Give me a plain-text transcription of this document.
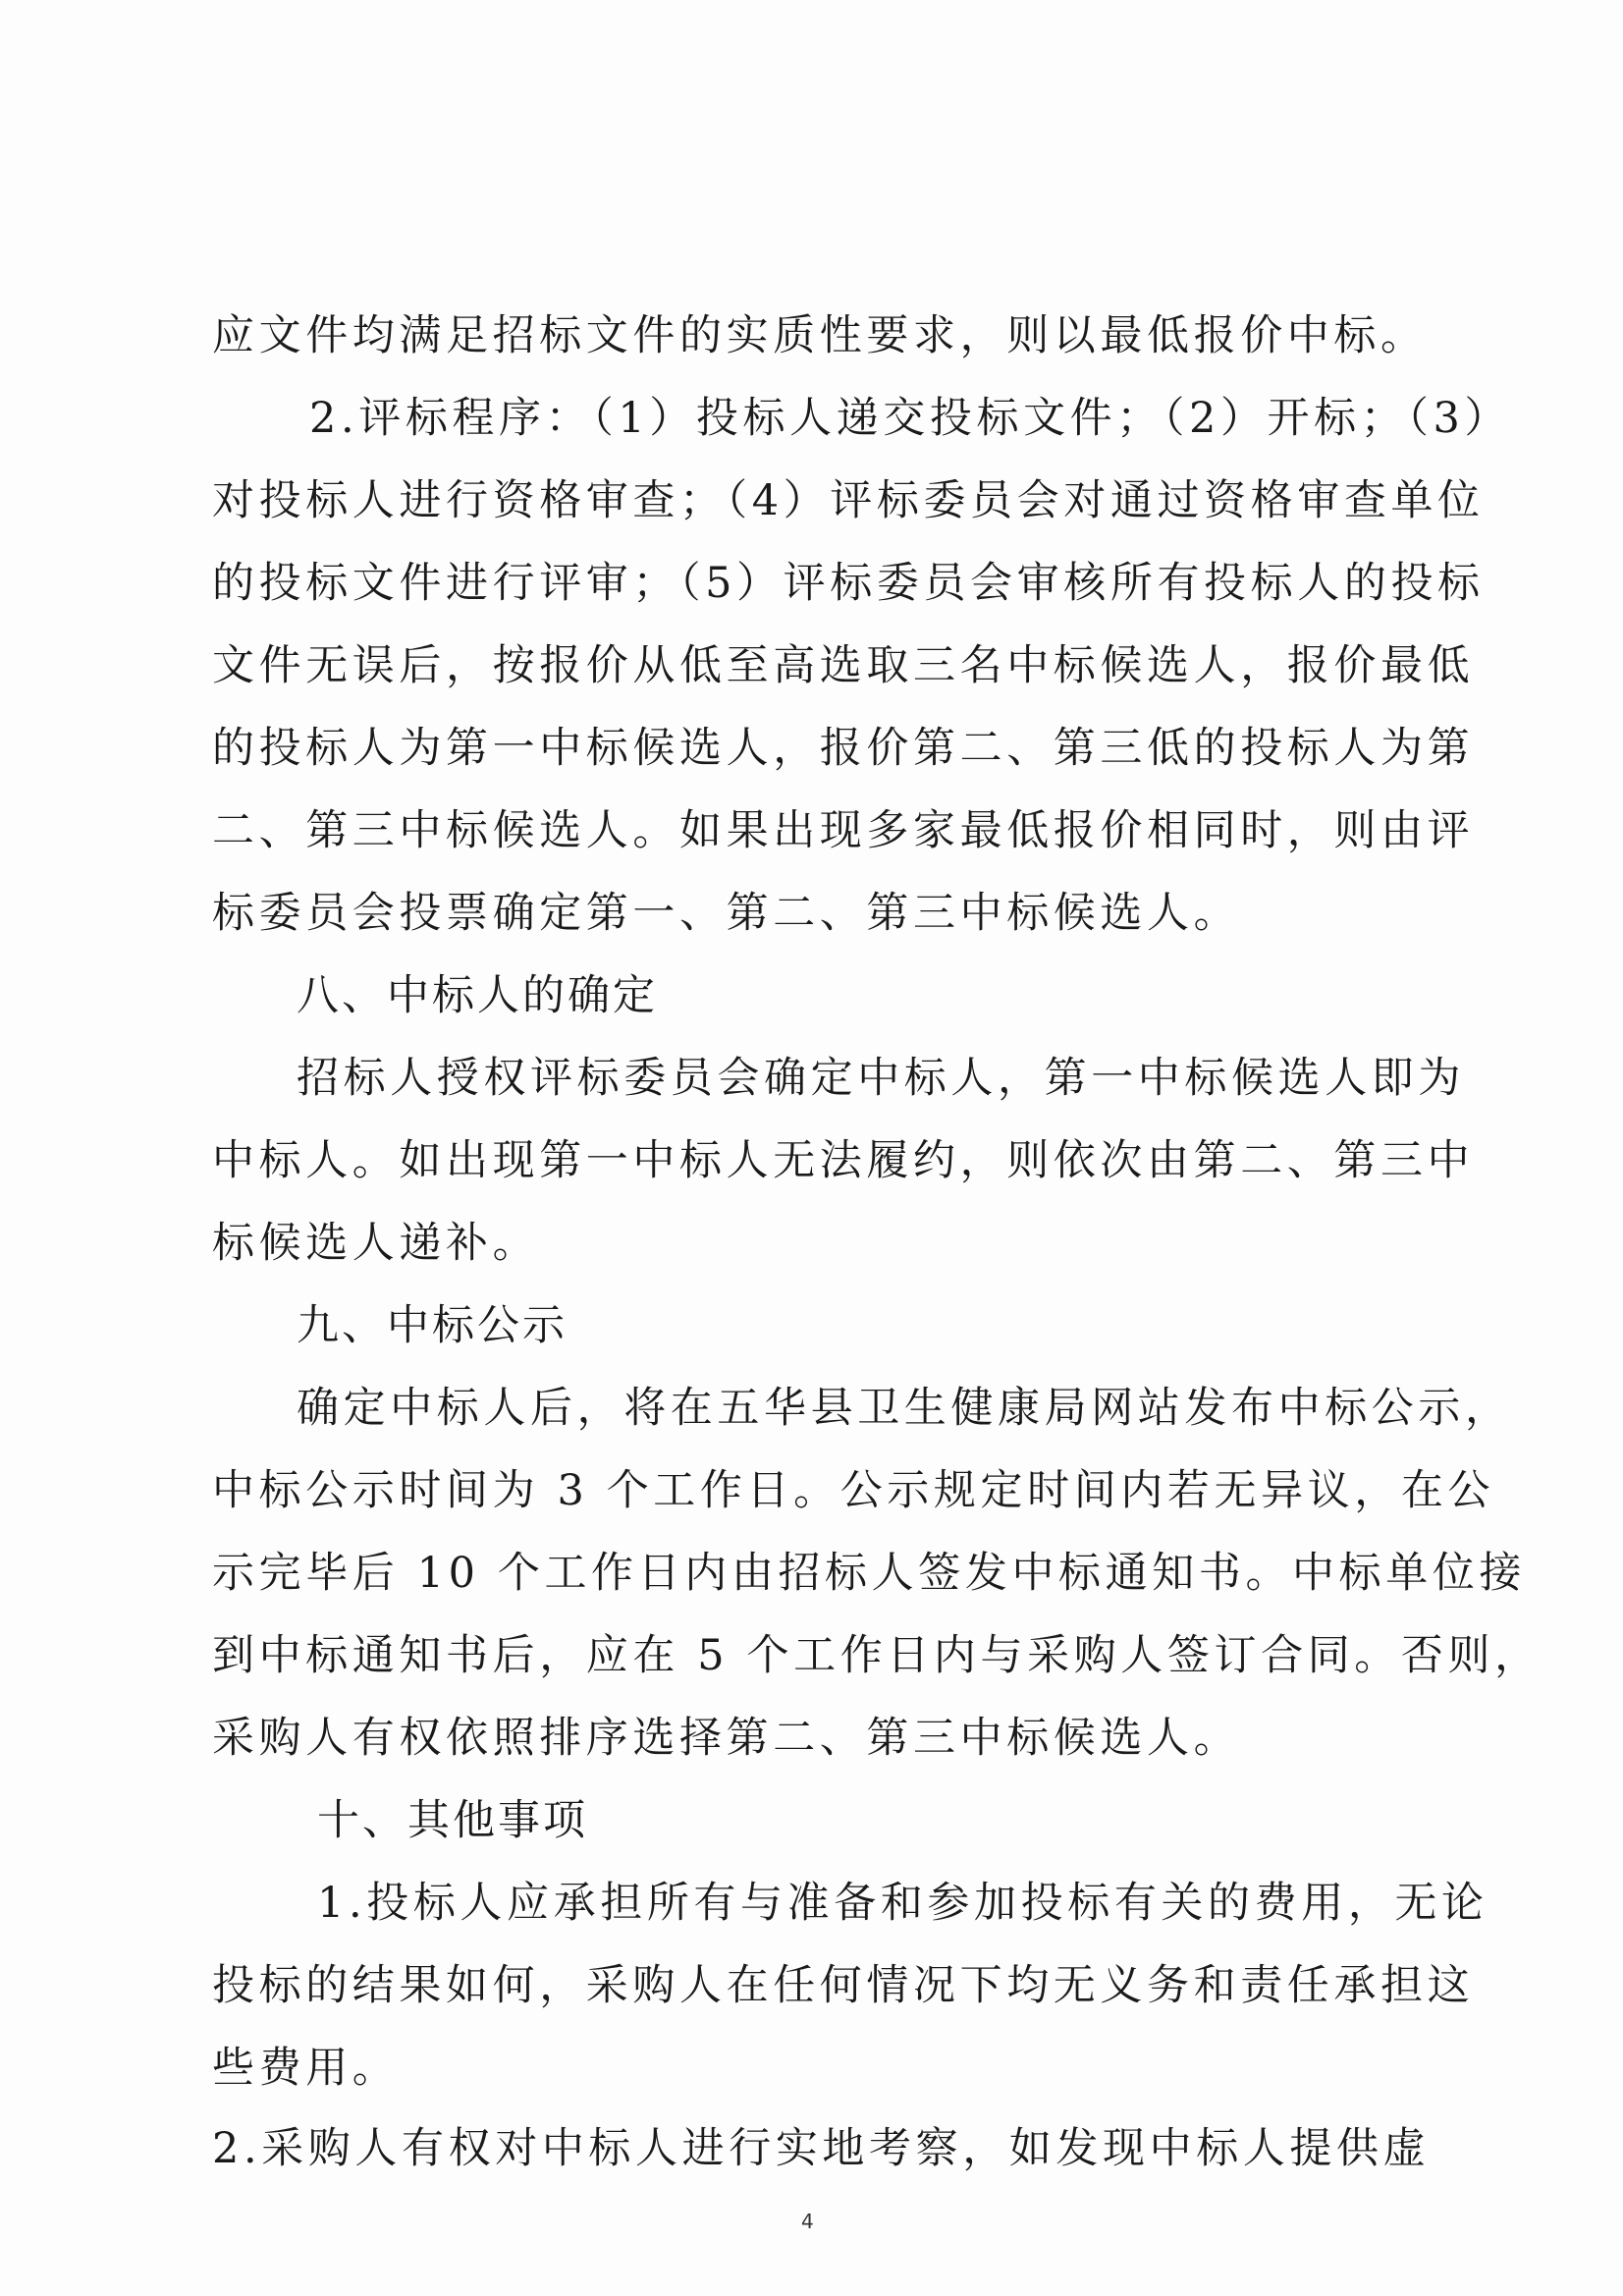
应文件均满足招标文件的实质性要求，则以最低报价中标。
2.评标程序：（1）投标人递交投标文件；（2）开标；（3）
对投标人进行资格审查；（4）评标委员会对通过资格审查单位
的投标文件进行评审；（5）评标委员会审核所有投标人的投标
文件无误后，按报价从低至高选取三名中标候选人，报价最低
的投标人为第一中标候选人，报价第二、第三低的投标人为第
二、第三中标候选人。如果出现多家最低报价相同时，则由评
标委员会投票确定第一、第二、第三中标候选人。
八、中标人的确定
招标人授权评标委员会确定中标人，第一中标候选人即为
中标人。如出现第一中标人无法履约，则依次由第二、第三中
标候选人递补。
九、中标公示
确定中标人后，将在五华县卫生健康局网站发布中标公示，
中标公示时间为 3 个工作日。公示规定时间内若无异议，在公
示完毕后 10 个工作日内由招标人签发中标通知书。中标单位接
到中标通知书后，应在 5 个工作日内与采购人签订合同。否则，
采购人有权依照排序选择第二、第三中标候选人。
十、其他事项
1.投标人应承担所有与准备和参加投标有关的费用，无论
投标的结果如何，采购人在任何情况下均无义务和责任承担这
些费用。
2.采购人有权对中标人进行实地考察，如发现中标人提供虚
4
